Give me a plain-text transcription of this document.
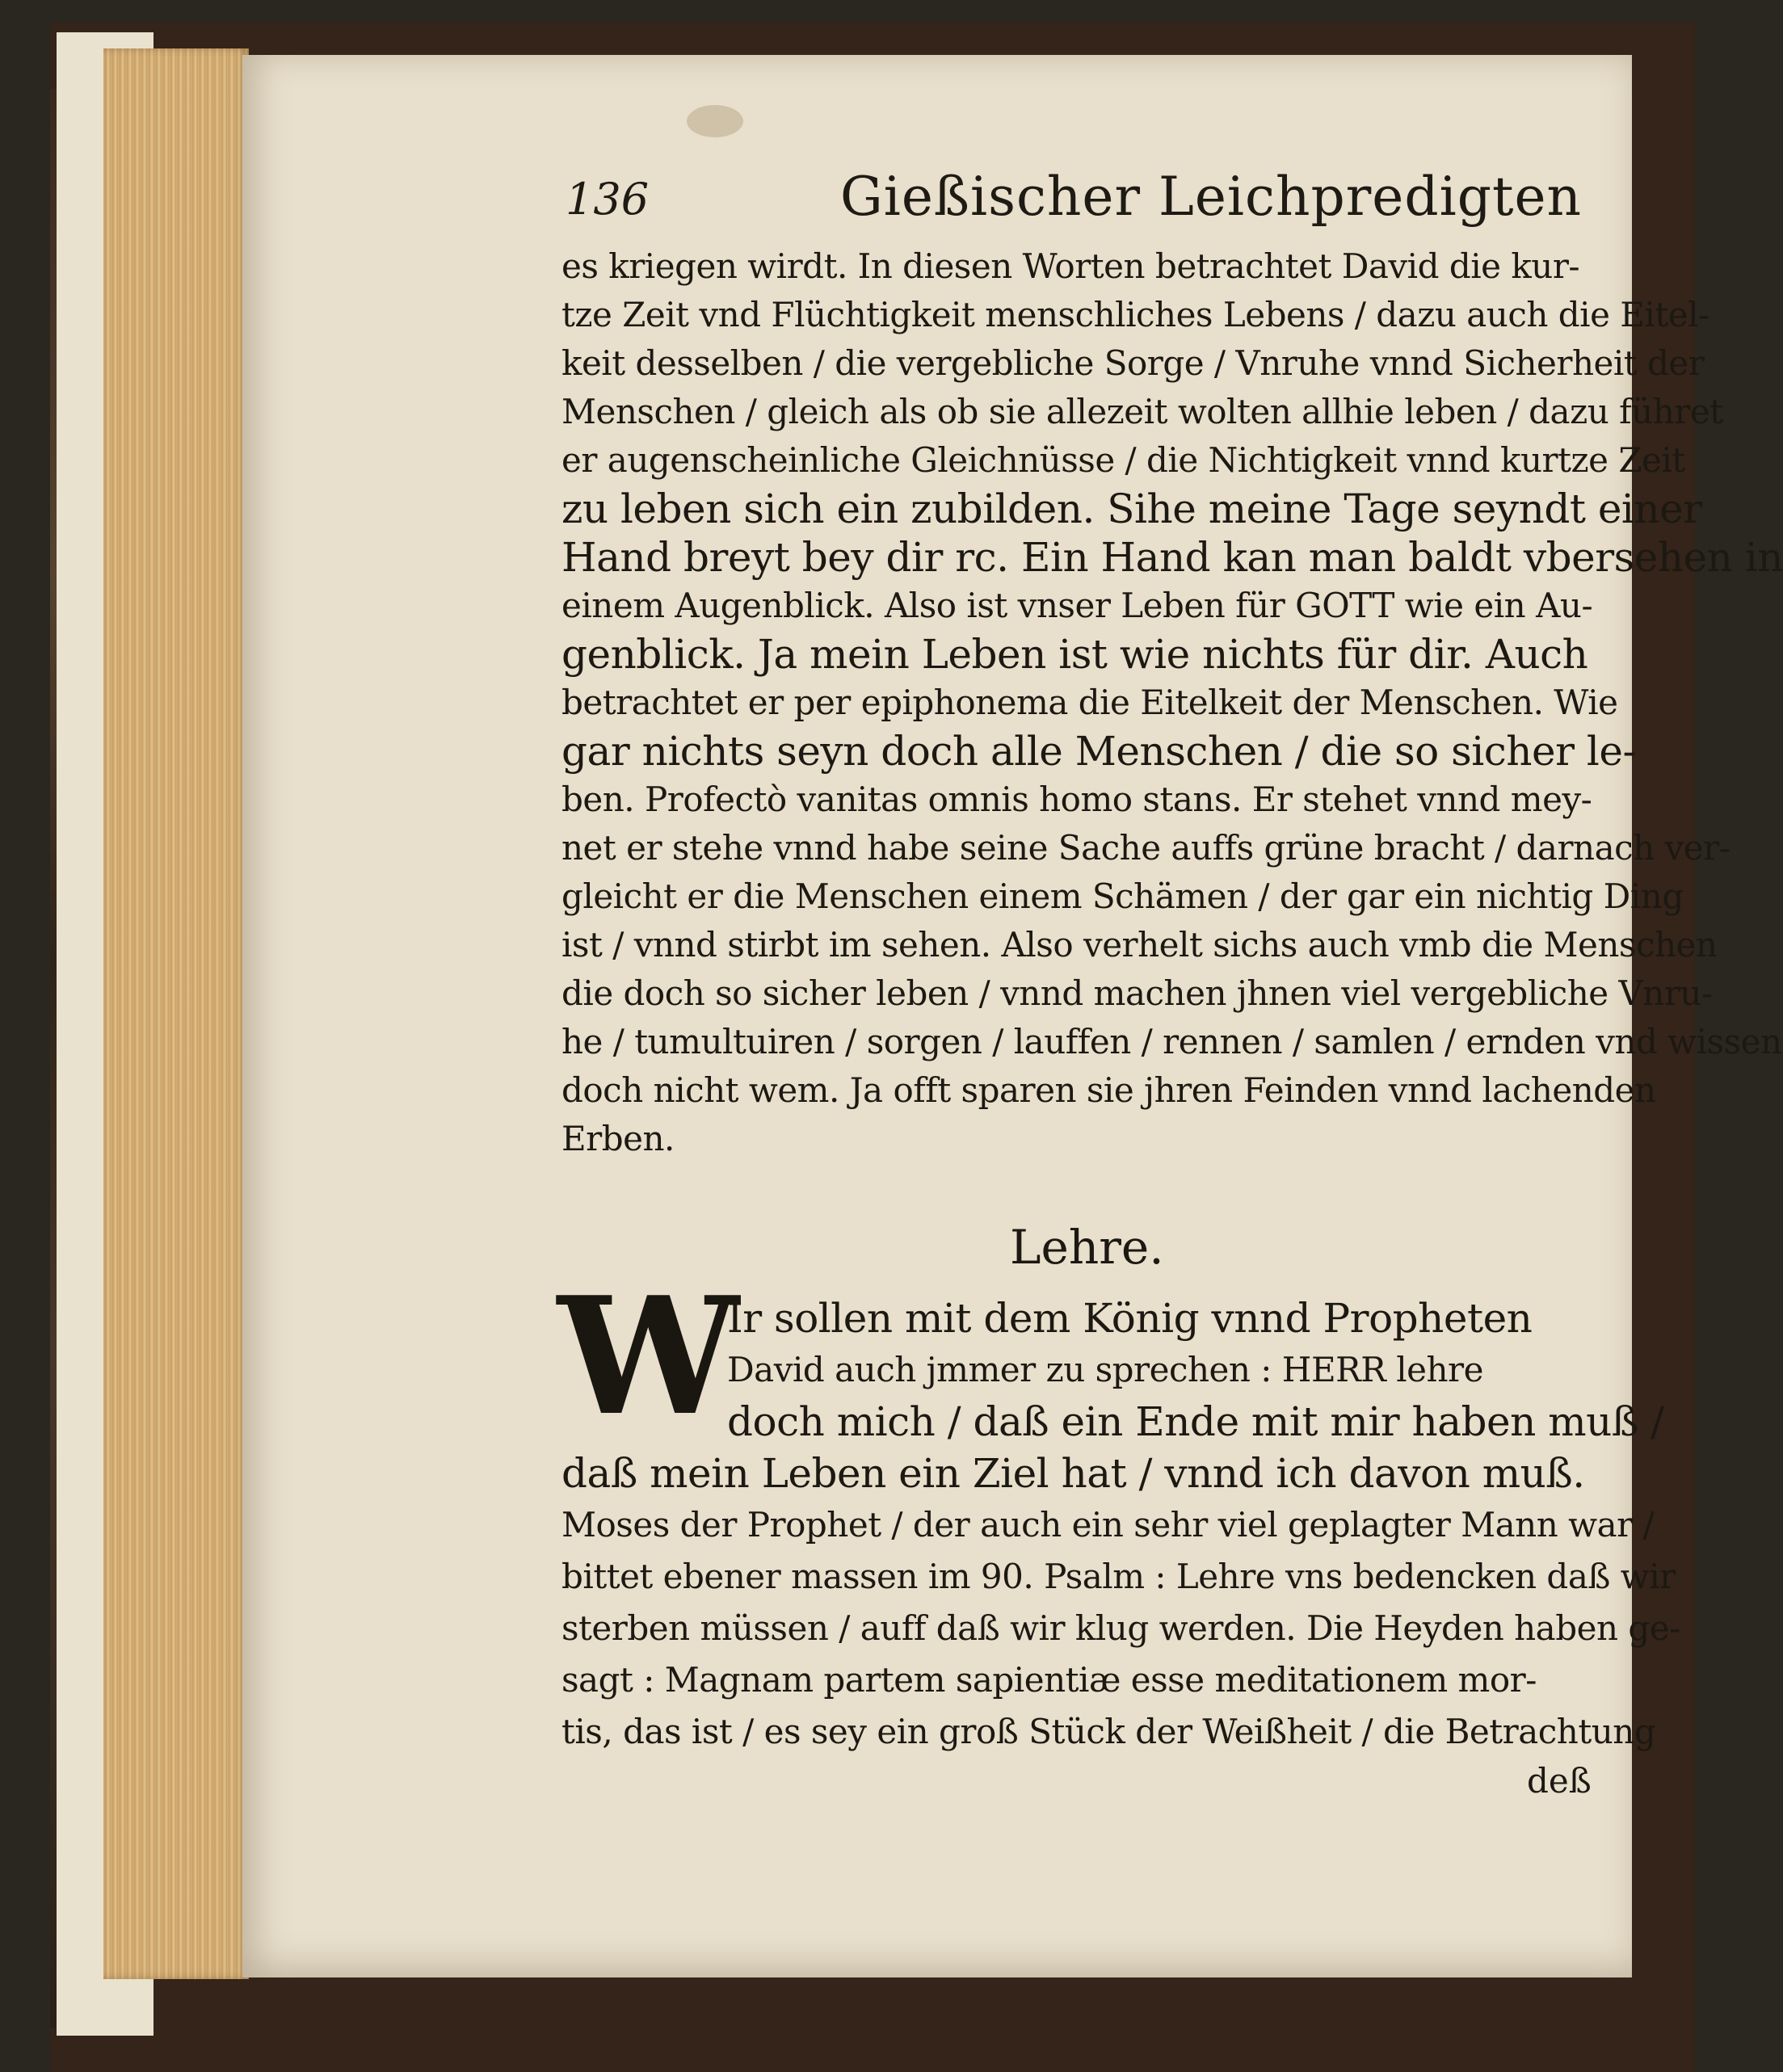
136	Gießischer Leichpredigten
es kriegen wirdt. In diesen Worten betrachtet David die kur-
tze Zeit vnd Flüchtigkeit menschliches Lebens / dazu auch die Eitel-
keit desselben / die vergebliche Sorge / Vnruhe vnnd Sicherheit der
Menschen / gleich als ob sie allezeit wolten allhie leben / dazu führet
er augenscheinliche Gleichnüsse / die Nichtigkeit vnnd kurtze Zeit
zu leben sich ein zubilden. Sihe meine Tage seyndt einer
Hand breyt bey dir rc. Ein Hand kan man baldt vbersehen in
einem Augenblick. Also ist vnser Leben für GOTT wie ein Au-
genblick. Ja mein Leben ist wie nichts für dir. Auch
betrachtet er per epiphonema die Eitelkeit der Menschen. Wie
gar nichts seyn doch alle Menschen / die so sicher le-
ben. Profectò vanitas omnis homo stans. Er stehet vnnd mey-
net er stehe vnnd habe seine Sache auffs grüne bracht / darnach ver-
gleicht er die Menschen einem Schämen / der gar ein nichtig Ding
ist / vnnd stirbt im sehen. Also verhelt sichs auch vmb die Menschen
die doch so sicher leben / vnnd machen jhnen viel vergebliche Vnru-
he / tumultuiren / sorgen / lauffen / rennen / samlen / ernden vnd wissen
doch nicht wem. Ja offt sparen sie jhren Feinden vnnd lachenden
Erben.
Lehre.
W
Ir sollen mit dem König vnnd Propheten
David auch jmmer zu sprechen : HERR lehre
doch mich / daß ein Ende mit mir haben muß /
daß mein Leben ein Ziel hat / vnnd ich davon muß.
Moses der Prophet / der auch ein sehr viel geplagter Mann war /
bittet ebener massen im 90. Psalm : Lehre vns bedencken daß wir
sterben müssen / auff daß wir klug werden. Die Heyden haben ge-
sagt : Magnam partem sapientiæ esse meditationem mor-
tis, das ist / es sey ein groß Stück der Weißheit / die Betrachtung
deß
